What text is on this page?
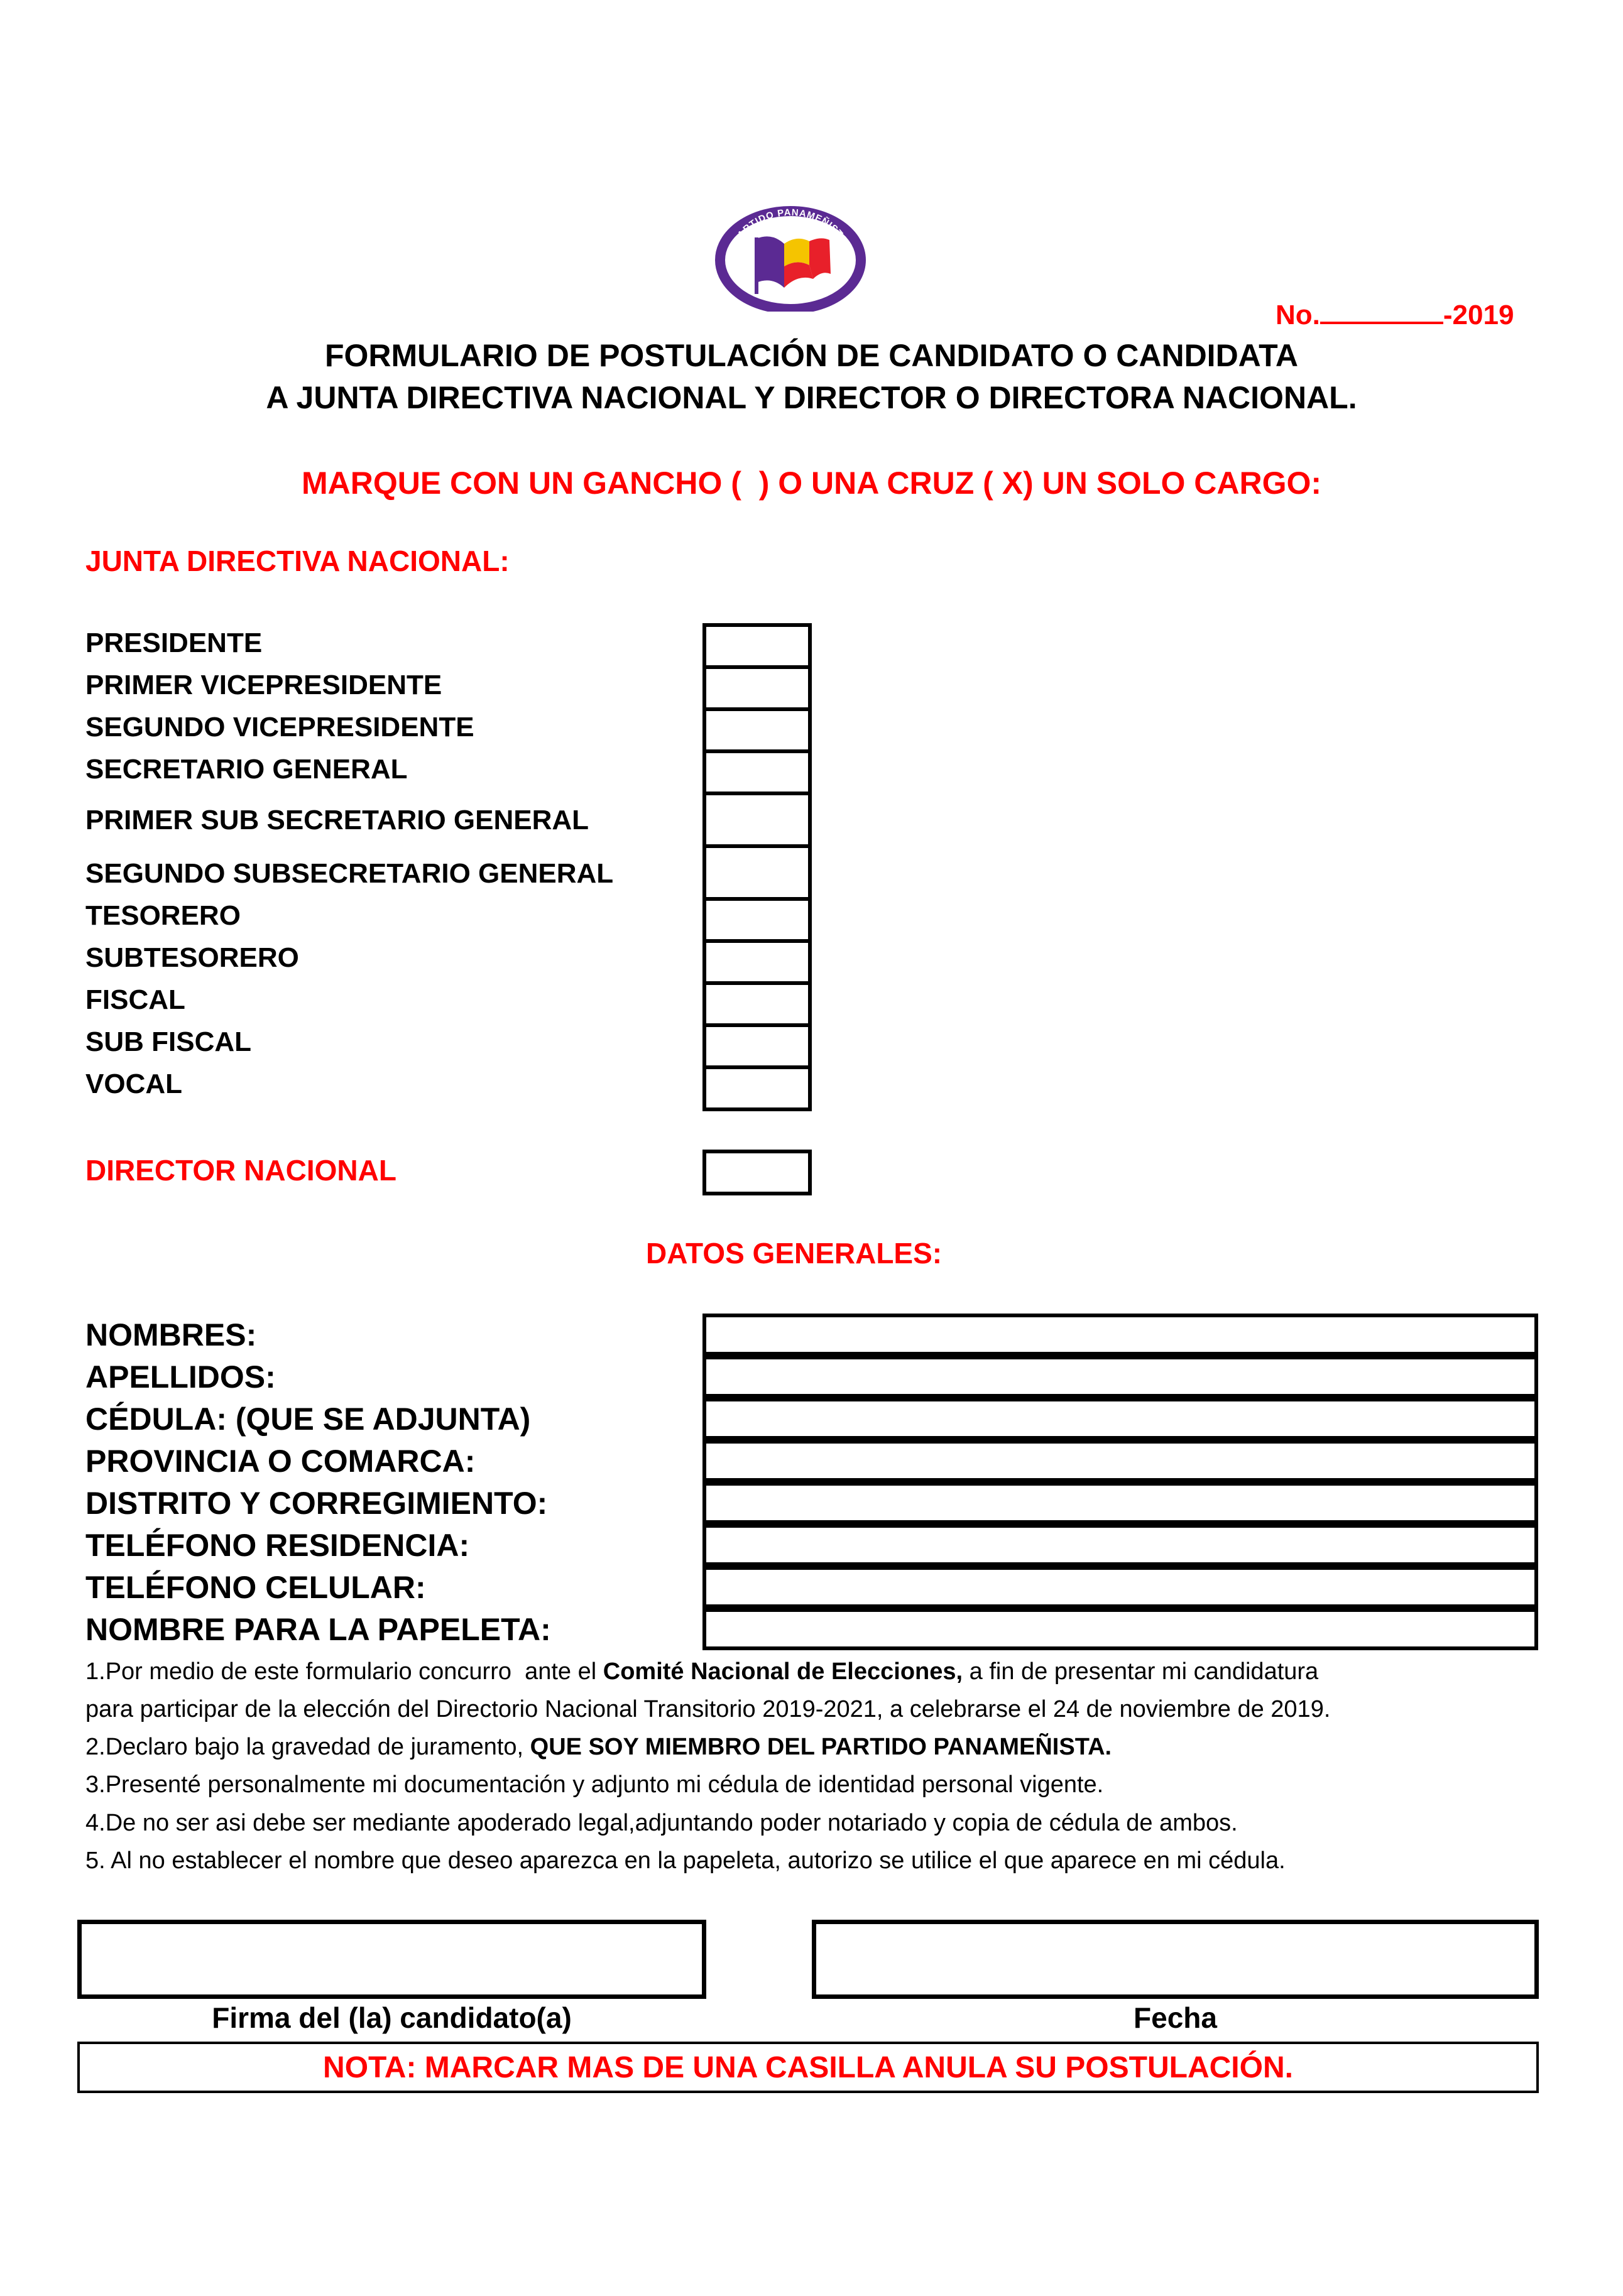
PARTIDO PANAMEÑISTA
No.	-2019
FORMULARIO DE POSTULACIÓN DE CANDIDATO O CANDIDATA
A JUNTA DIRECTIVA NACIONAL Y DIRECTOR O DIRECTORA NACIONAL.
MARQUE CON UN GANCHO (  ) O UNA CRUZ ( X) UN SOLO CARGO:
JUNTA DIRECTIVA NACIONAL:
PRESIDENTE
PRIMER VICEPRESIDENTE
SEGUNDO VICEPRESIDENTE
SECRETARIO GENERAL
PRIMER SUB SECRETARIO GENERAL
SEGUNDO SUBSECRETARIO GENERAL
TESORERO
SUBTESORERO
FISCAL
SUB FISCAL
VOCAL
DIRECTOR NACIONAL
DATOS GENERALES:
NOMBRES:
APELLIDOS:
CÉDULA: (QUE SE ADJUNTA)
PROVINCIA O COMARCA:
DISTRITO Y CORREGIMIENTO:
TELÉFONO RESIDENCIA:
TELÉFONO CELULAR:
NOMBRE PARA LA PAPELETA:
1.Por medio de este formulario concurro  ante el Comité Nacional de Elecciones, a fin de presentar mi candidatura
para participar de la elección del Directorio Nacional Transitorio 2019-2021, a celebrarse el 24 de noviembre de 2019.
2.Declaro bajo la gravedad de juramento, QUE SOY MIEMBRO DEL PARTIDO PANAMEÑISTA.
3.Presenté personalmente mi documentación y adjunto mi cédula de identidad personal vigente.
4.De no ser asi debe ser mediante apoderado legal,adjuntando poder notariado y copia de cédula de ambos.
5. Al no establecer el nombre que deseo aparezca en la papeleta, autorizo se utilice el que aparece en mi cédula.
Firma del (la) candidato(a)	Fecha
NOTA: MARCAR MAS DE UNA CASILLA ANULA SU POSTULACIÓN.
